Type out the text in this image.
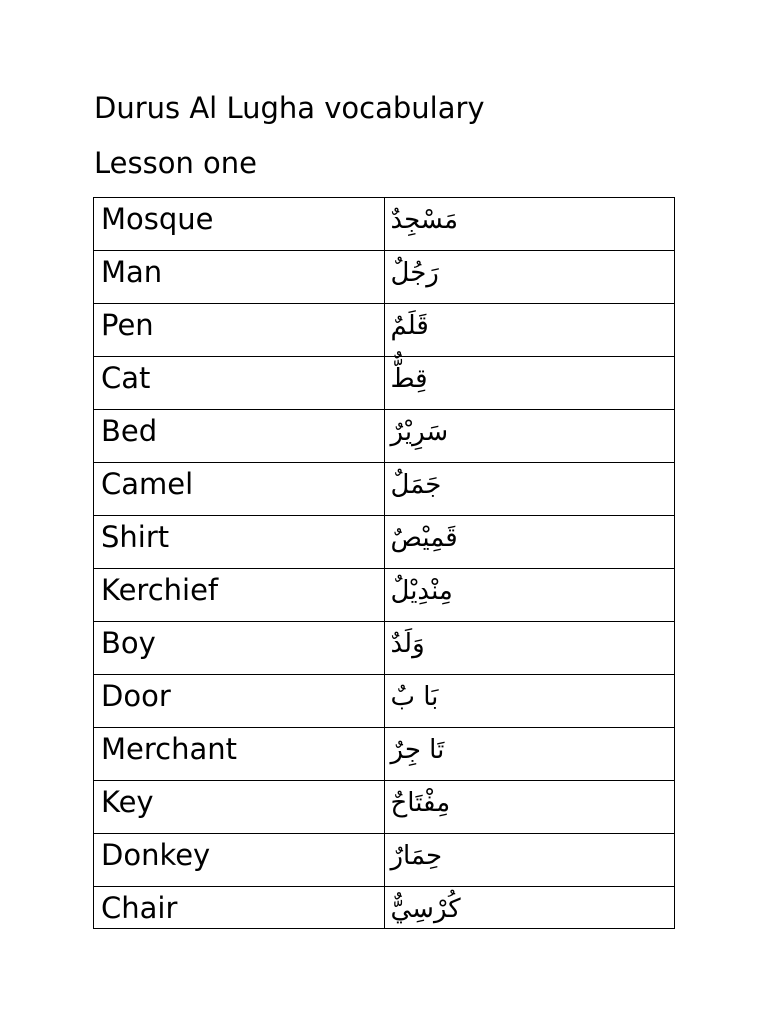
Durus Al Lugha vocabulary
Lesson one
Mosque	مَسْجِدٌ

Man	رَجُلٌ

Pen	قَلَمٌ

Cat	قِطٌّ

Bed	سَرِيْرٌ

Camel	جَمَلٌ

Shirt	قَمِيْصٌ

Kerchief	مِنْدِيْلٌ

Boy	وَلَدٌ

Door	بَا بٌ

Merchant	تَا جِرٌ

Key	مِفْتَاحٌ

Donkey	حِمَارٌ

Chair	كُرْسِيٌّ
